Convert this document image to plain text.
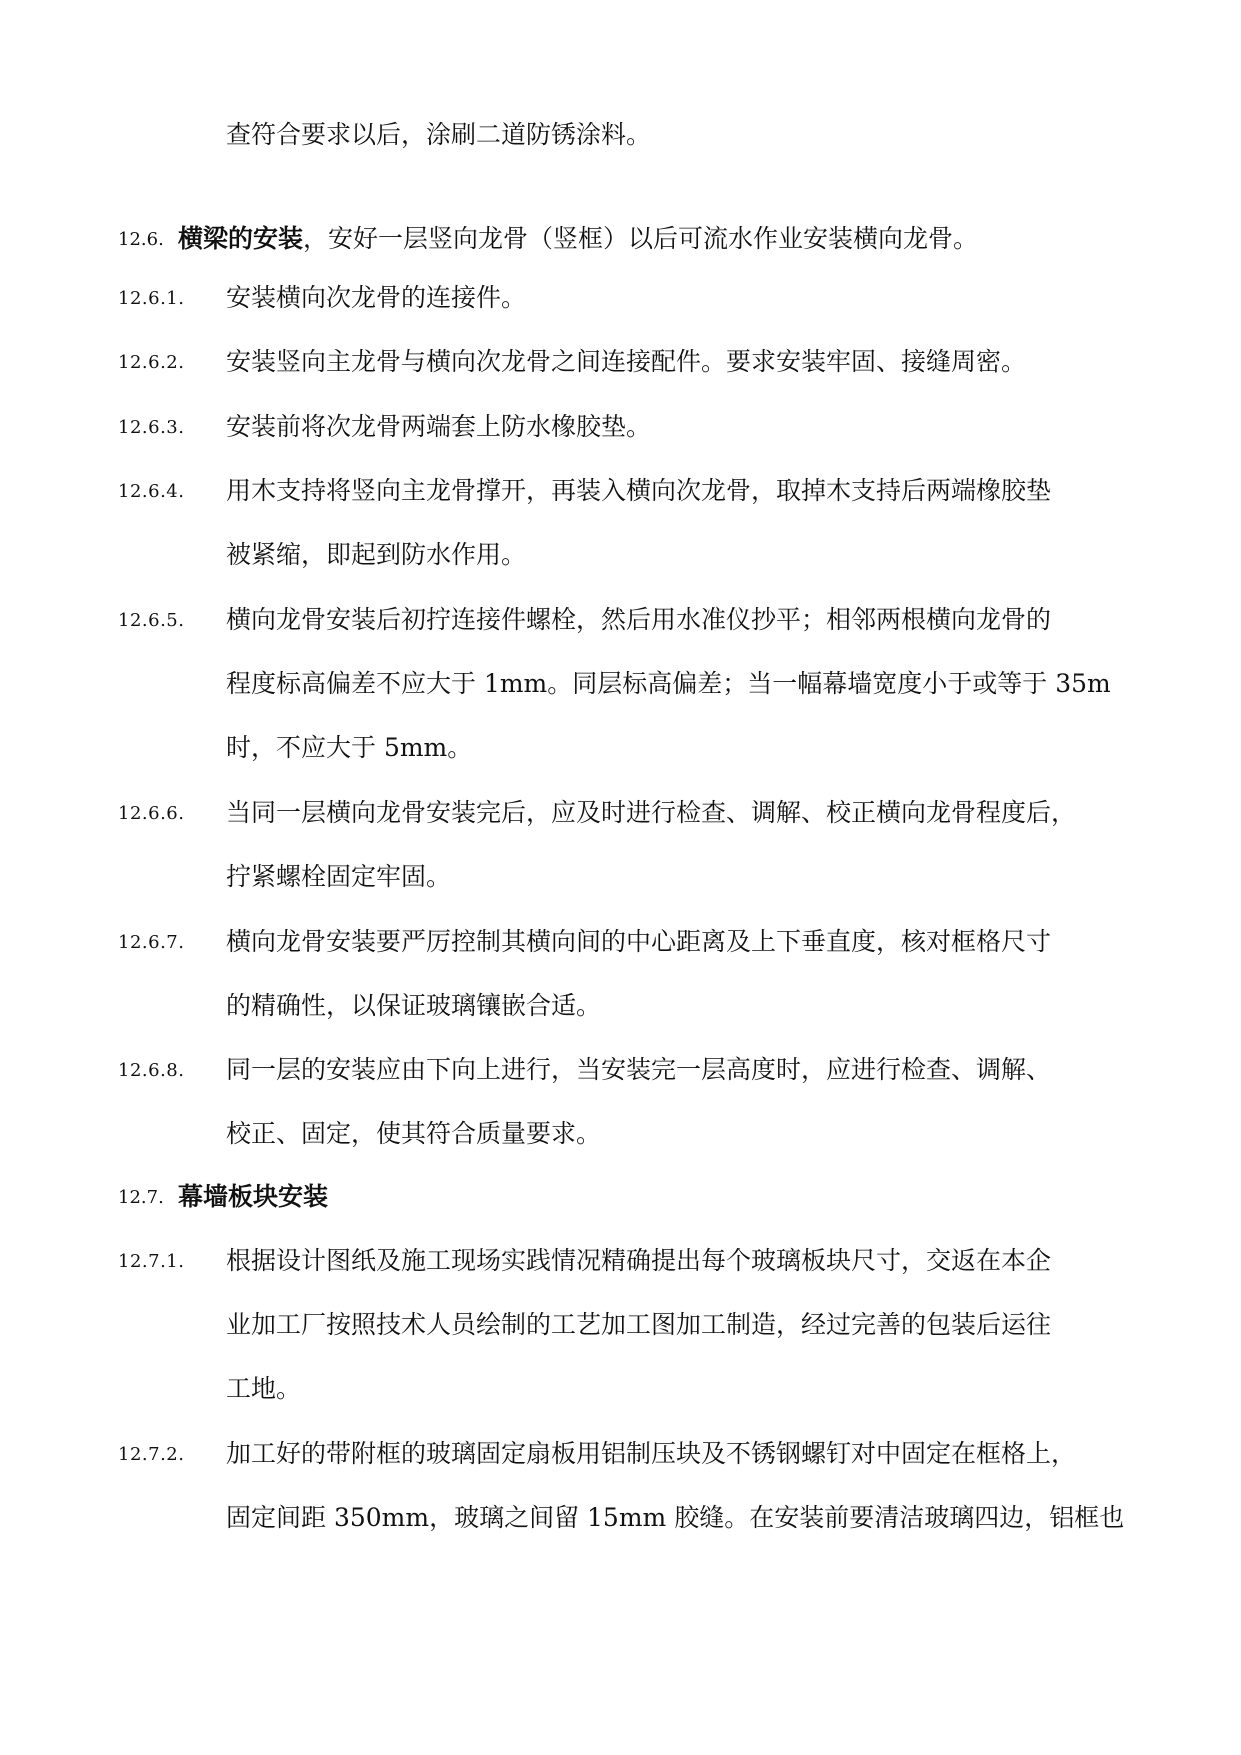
查符合要求以后，涂刷二道防锈涂料。
12.6. 横梁的安装，安好一层竖向龙骨（竖框）以后可流水作业安装横向龙骨。
12.6.1. 安装横向次龙骨的连接件。
12.6.2. 安装竖向主龙骨与横向次龙骨之间连接配件。要求安装牢固、接缝周密。
12.6.3. 安装前将次龙骨两端套上防水橡胶垫。
12.6.4. 用木支持将竖向主龙骨撑开，再装入横向次龙骨，取掉木支持后两端橡胶垫
被紧缩，即起到防水作用。
12.6.5. 横向龙骨安装后初拧连接件螺栓，然后用水准仪抄平；相邻两根横向龙骨的
程度标高偏差不应大于 1mm。同层标高偏差；当一幅幕墙宽度小于或等于 35m
时，不应大于 5mm。
12.6.6. 当同一层横向龙骨安装完后，应及时进行检查、调解、校正横向龙骨程度后，
拧紧螺栓固定牢固。
12.6.7. 横向龙骨安装要严厉控制其横向间的中心距离及上下垂直度，核对框格尺寸
的精确性，以保证玻璃镶嵌合适。
12.6.8. 同一层的安装应由下向上进行，当安装完一层高度时，应进行检查、调解、
校正、固定，使其符合质量要求。
12.7. 幕墙板块安装
12.7.1. 根据设计图纸及施工现场实践情况精确提出每个玻璃板块尺寸，交返在本企
业加工厂按照技术人员绘制的工艺加工图加工制造，经过完善的包装后运往
工地。
12.7.2. 加工好的带附框的玻璃固定扇板用铝制压块及不锈钢螺钉对中固定在框格上，
固定间距 350mm，玻璃之间留 15mm 胶缝。在安装前要清洁玻璃四边，铝框也
